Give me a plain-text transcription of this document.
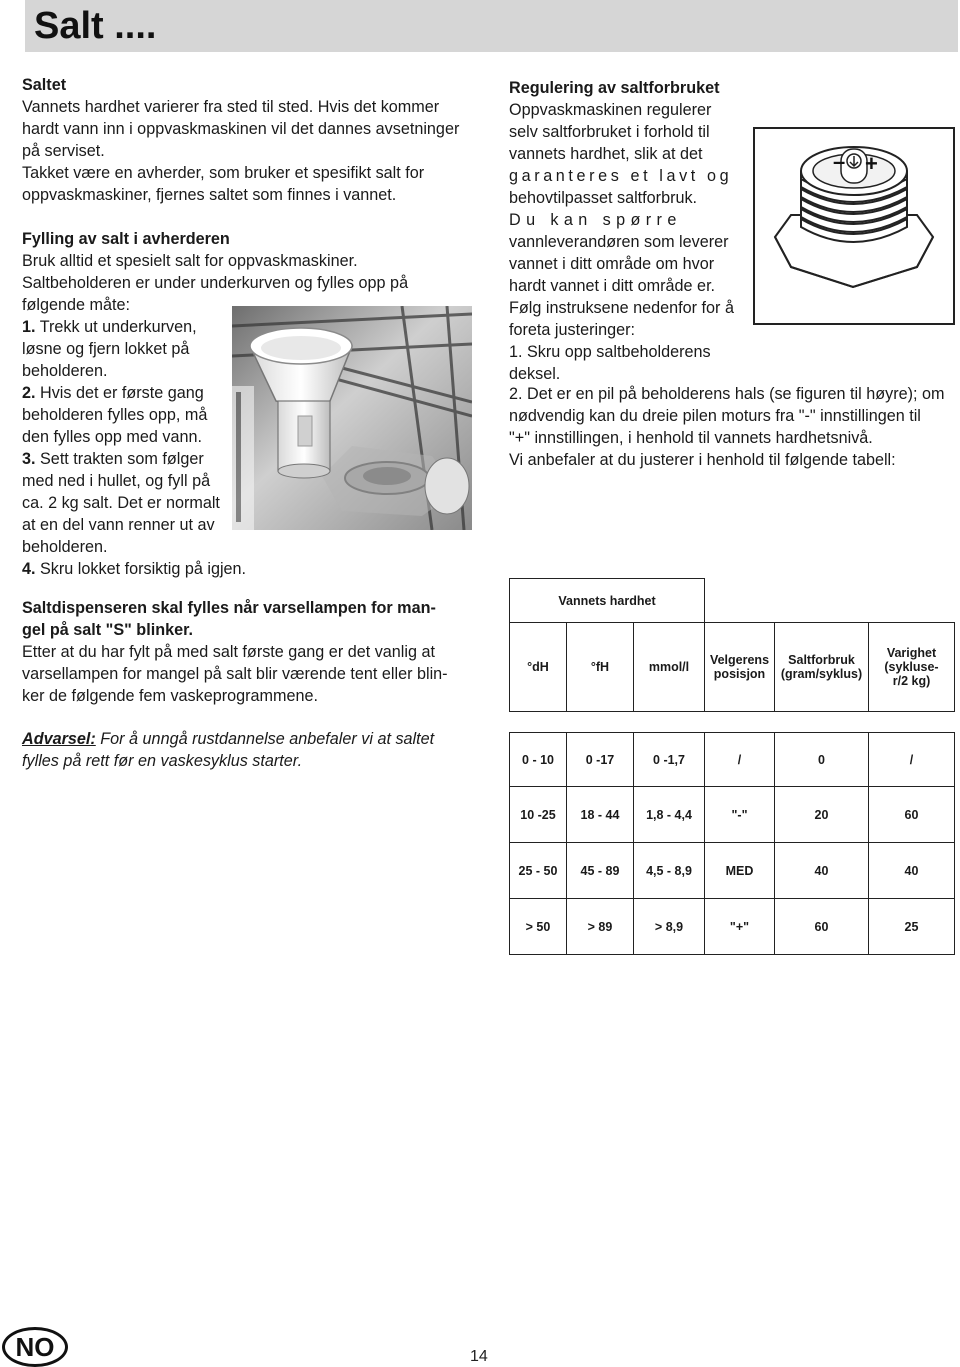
Salt ....

Saltet

Vannets hardhet varierer fra sted til sted. Hvis det kommer

hardt vann inn i oppvaskmaskinen vil det dannes avsetninger

på serviset.

Takket være en avherder, som bruker et spesifikt salt for

oppvaskmaskiner, fjernes saltet som finnes i vannet.

Fylling av salt i avherderen

Bruk alltid et spesielt salt for oppvaskmaskiner.

Saltbeholderen er under underkurven og fylles opp på

følgende måte:

1. Trekk ut underkurven,

løsne og fjern lokket på

beholderen.

2. Hvis det er første gang

beholderen fylles opp, må

den fylles opp med vann.

3. Sett trakten som følger

med ned i hullet, og fyll på

ca. 2 kg salt. Det er normalt

at en del vann renner ut av

beholderen.

4. Skru lokket forsiktig på igjen.

Saltdispenseren skal fylles når varsellampen for man-

gel på salt "S" blinker.

Etter at du har fylt på med salt første gang er det vanlig at

varsellampen for mangel på salt blir værende tent eller blin-

ker de følgende fem vaskeprogrammene.

Advarsel: For å unngå rustdannelse anbefaler vi at saltet

fylles på rett før en vaskesyklus starter.

Regulering av saltforbruket

Oppvaskmaskinen regulerer

selv saltforbruket i forhold til

vannets hardhet, slik at det

garanteres et lavt og

behovtilpasset saltforbruk.

Du kan spørre

vannleverandøren som leverer

vannet i ditt område om hvor

hardt vannet i ditt område er.

Følg instruksene nedenfor for å

foreta justeringer:

1. Skru opp saltbeholderens

deksel.

2. Det er en pil på beholderens hals (se figuren til høyre); om

nødvendig kan du dreie pilen moturs fra "-" innstillingen til

"+" innstillingen, i henhold til vannets hardhetsnivå.

Vi anbefaler at du justerer i henhold til følgende tabell:

– +
Vannets hardhet					
°dH	°fH	mmol/l	Velgerens
posisjon	Saltforbruk
(gram/syklus)	Varighet
(sykluse-
r/2 kg)

0 - 10	0 -17	0 -1,7	/	0	/
10 -25	18 - 44	1,8 - 4,4	"-"	20	60
25 - 50	45 - 89	4,5 - 8,9	MED	40	40
> 50	> 89	> 8,9	"+"	60	25
NO	14
